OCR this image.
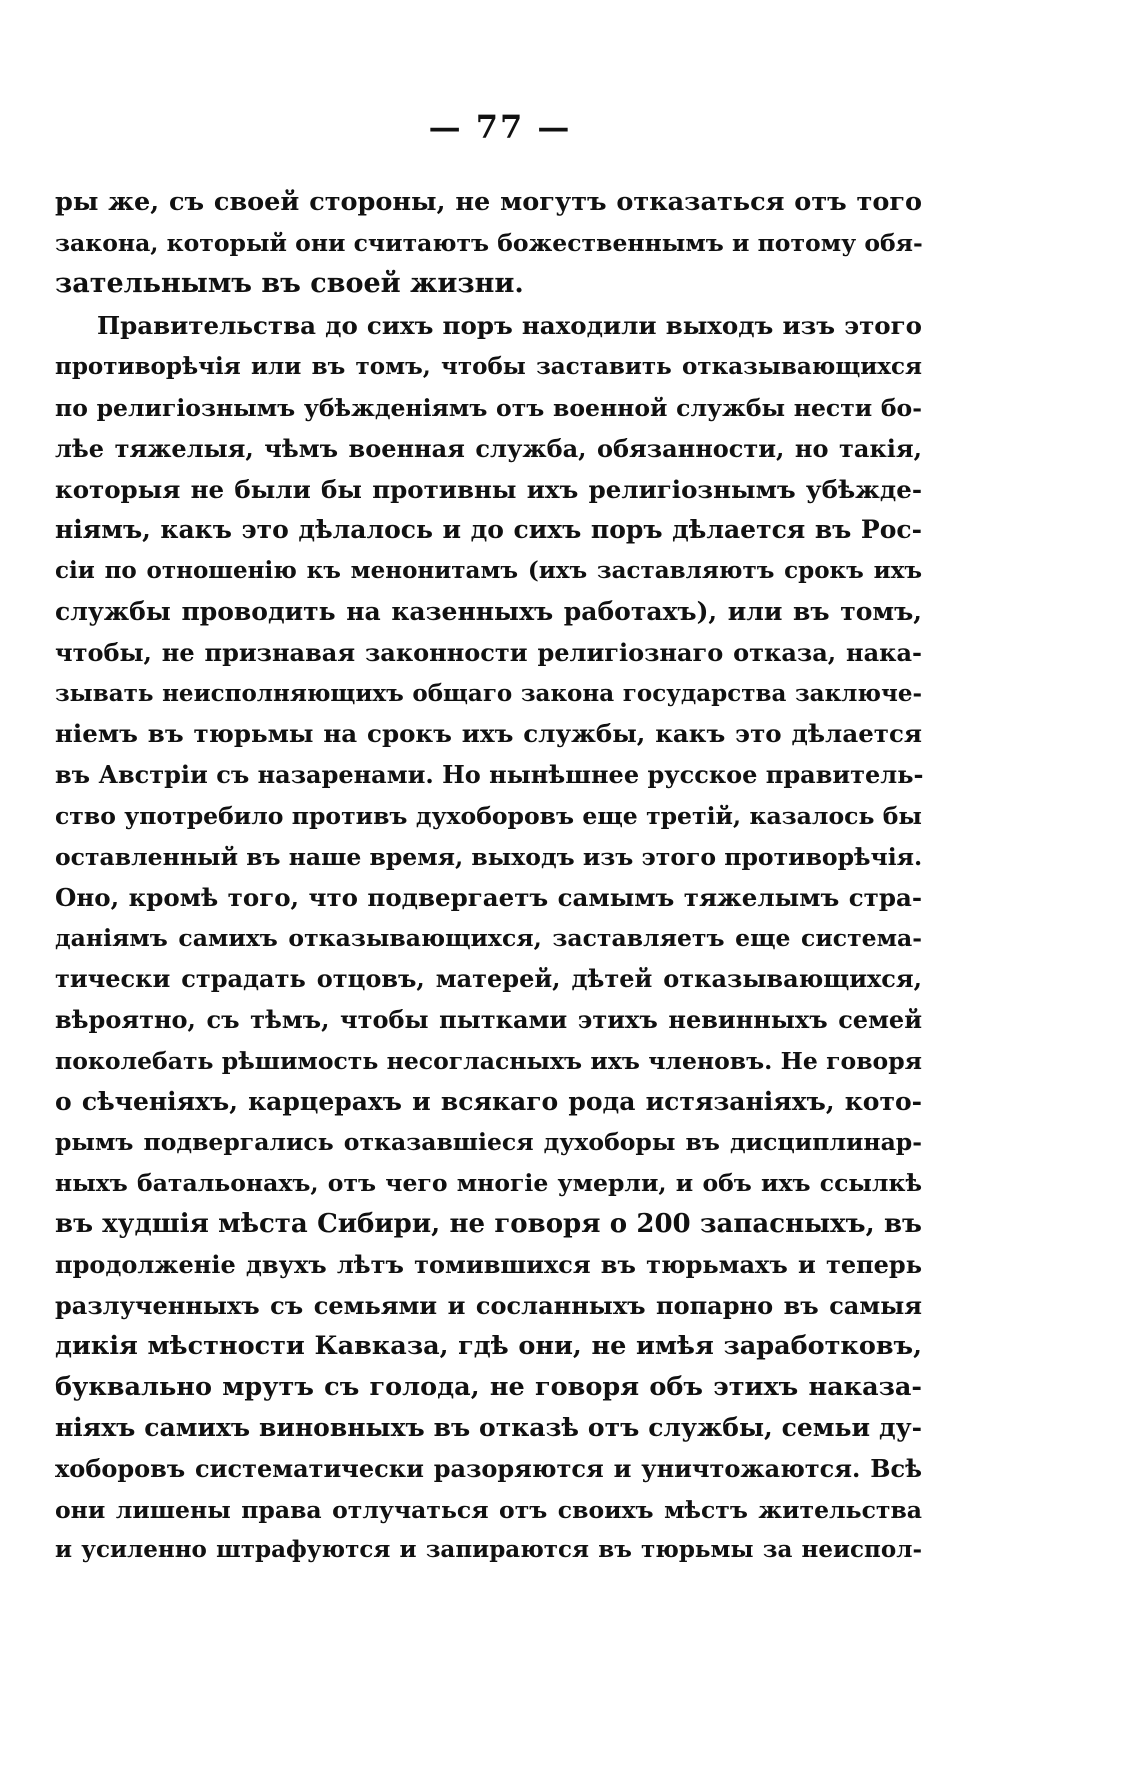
— 77 —
ры же, съ своей стороны, не могутъ отказаться отъ того
закона, который они считаютъ божественнымъ и потому обя-
зательнымъ въ своей жизни.
Правительства до сихъ поръ находили выходъ изъ этого
противорѣчія или въ томъ, чтобы заставить отказывающихся
по религіознымъ убѣжденіямъ отъ военной службы нести бо-
лѣе тяжелыя, чѣмъ военная служба, обязанности, но такія,
которыя не были бы противны ихъ религіознымъ убѣжде-
ніямъ, какъ это дѣлалось и до сихъ поръ дѣлается въ Рос-
сіи по отношенію къ менонитамъ (ихъ заставляютъ срокъ ихъ
службы проводить на казенныхъ работахъ), или въ томъ,
чтобы, не признавая законности религіознаго отказа, нака-
зывать неисполняющихъ общаго закона государства заключе-
ніемъ въ тюрьмы на срокъ ихъ службы, какъ это дѣлается
въ Австріи съ назаренами. Но нынѣшнее русское правитель-
ство употребило противъ духоборовъ еще третій, казалось бы
оставленный въ наше время, выходъ изъ этого противорѣчія.
Оно, кромѣ того, что подвергаетъ самымъ тяжелымъ стра-
даніямъ самихъ отказывающихся, заставляетъ еще система-
тически страдать отцовъ, матерей, дѣтей отказывающихся,
вѣроятно, съ тѣмъ, чтобы пытками этихъ невинныхъ семей
поколебать рѣшимость несогласныхъ ихъ членовъ. Не говоря
о сѣченіяхъ, карцерахъ и всякаго рода истязаніяхъ, кото-
рымъ подвергались отказавшіеся духоборы въ дисциплинар-
ныхъ батальонахъ, отъ чего многіе умерли, и объ ихъ ссылкѣ
въ худшія мѣста Сибири, не говоря о 200 запасныхъ, въ
продолженіе двухъ лѣтъ томившихся въ тюрьмахъ и теперь
разлученныхъ съ семьями и сосланныхъ попарно въ самыя
дикія мѣстности Кавказа, гдѣ они, не имѣя заработковъ,
буквально мрутъ съ голода, не говоря объ этихъ наказа-
ніяхъ самихъ виновныхъ въ отказѣ отъ службы, семьи ду-
хоборовъ систематически разоряются и уничтожаются. Всѣ
они лишены права отлучаться отъ своихъ мѣстъ жительства
и усиленно штрафуются и запираются въ тюрьмы за неиспол-
